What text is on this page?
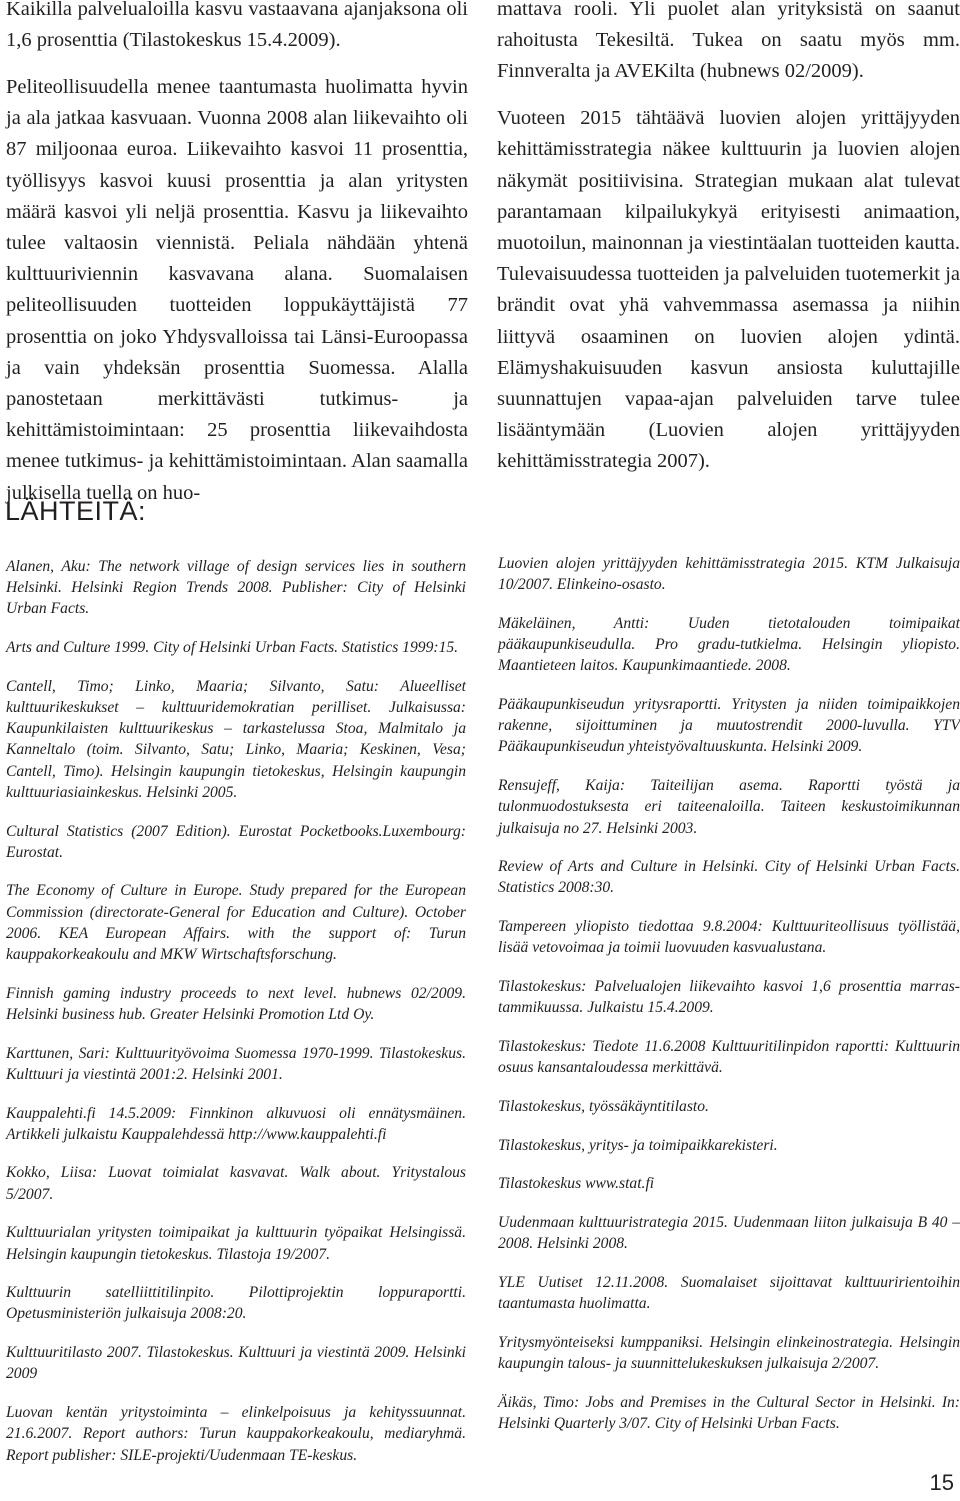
Kaikilla palvelualoilla kasvu vastaavana ajanjaksona oli 1,6 prosenttia (Tilastokeskus 15.4.2009).

Peliteollisuudella menee taantumasta huolimatta hyvin ja ala jatkaa kasvuaan. Vuonna 2008 alan liikevaihto oli 87 miljoonaa euroa. Liikevaihto kasvoi 11 prosenttia, työllisyys kasvoi kuusi prosenttia ja alan yritysten määrä kasvoi yli neljä prosenttia. Kasvu ja liikevaihto tulee valtaosin viennistä. Peliala nähdään yhtenä kulttuuriviennin kasvavana alana. Suomalaisen peliteollisuuden tuotteiden loppukäyttäjistä 77 prosenttia on joko Yhdysvalloissa tai Länsi-Euroopassa ja vain yhdeksän prosenttia Suomessa. Alalla panostetaan merkittävästi tutkimus- ja kehittämistoimintaan: 25 prosenttia liikevaihdosta menee tutkimus- ja kehittämistoimintaan. Alan saamalla julkisella tuella on huo-

mattava rooli. Yli puolet alan yrityksistä on saanut rahoitusta Tekesiltä. Tukea on saatu myös mm. Finnveralta ja AVEKilta (hubnews 02/2009).

Vuoteen 2015 tähtäävä luovien alojen yrittäjyyden kehittämisstrategia näkee kulttuurin ja luovien alojen näkymät positiivisina. Strategian mukaan alat tulevat parantamaan kilpailukykyä erityisesti animaation, muotoilun, mainonnan ja viestintäalan tuotteiden kautta. Tulevaisuudessa tuotteiden ja palveluiden tuotemerkit ja brändit ovat yhä vahvemmassa asemassa ja niihin liittyvä osaaminen on luovien alojen ydintä. Elämyshakuisuuden kasvun ansiosta kuluttajille suunnattujen vapaa-ajan palveluiden tarve tulee lisääntymään (Luovien alojen yrittäjyyden kehittämisstrategia 2007).

LÄHTEITÄ:

Alanen, Aku: The network village of design services lies in southern Helsinki. Helsinki Region Trends 2008. Publisher: City of Helsinki Urban Facts.

Arts and Culture 1999. City of Helsinki Urban Facts. Statistics 1999:15.

Cantell, Timo; Linko, Maaria; Silvanto, Satu: Alueelliset kulttuurikeskukset – kulttuuridemokratian perilliset. Julkaisussa: Kaupunkilaisten kulttuurikeskus – tarkastelussa Stoa, Malmitalo ja Kanneltalo (toim. Silvanto, Satu; Linko, Maaria; Keskinen, Vesa; Cantell, Timo). Helsingin kaupungin tietokeskus, Helsingin kaupungin kulttuuriasiainkeskus. Helsinki 2005.

Cultural Statistics (2007 Edition). Eurostat Pocketbooks.Luxembourg: Eurostat.

The Economy of Culture in Europe. Study prepared for the European Commission (directorate-General for Education and Culture). October 2006. KEA European Affairs. with the support of: Turun kauppakorkeakoulu and MKW Wirtschaftsforschung.

Finnish gaming industry proceeds to next level. hubnews 02/2009. Helsinki business hub. Greater Helsinki Promotion Ltd Oy.

Karttunen, Sari: Kulttuurityövoima Suomessa 1970-1999. Tilastokeskus. Kulttuuri ja viestintä 2001:2. Helsinki 2001.

Kauppalehti.fi 14.5.2009: Finnkinon alkuvuosi oli ennätysmäinen. Artikkeli julkaistu Kauppalehdessä http://www.kauppalehti.fi

Kokko, Liisa: Luovat toimialat kasvavat. Walk about. Yritystalous 5/2007.

Kulttuurialan yritysten toimipaikat ja kulttuurin työpaikat Helsingissä. Helsingin kaupungin tietokeskus. Tilastoja 19/2007.

Kulttuurin satelliittitilinpito. Pilottiprojektin loppuraportti. Opetusministeriön julkaisuja 2008:20.

Kulttuuritilasto 2007. Tilastokeskus. Kulttuuri ja viestintä 2009. Helsinki 2009

Luovan kentän yritystoiminta – elinkelpoisuus ja kehityssuunnat. 21.6.2007. Report authors: Turun kauppakorkeakoulu, mediaryhmä. Report publisher: SILE-projekti/Uudenmaan TE-keskus.

Luovien alojen yrittäjyyden kehittämisstrategia 2015. KTM Julkaisuja 10/2007. Elinkeino-osasto.

Mäkeläinen, Antti: Uuden tietotalouden toimipaikat pääkaupunkiseudulla. Pro gradu-tutkielma. Helsingin yliopisto. Maantieteen laitos. Kaupunkimaantiede. 2008.

Pääkaupunkiseudun yritysraportti. Yritysten ja niiden toimipaikkojen rakenne, sijoittuminen ja muutostrendit 2000-luvulla. YTV Pääkaupunkiseudun yhteistyövaltuuskunta. Helsinki 2009.

Rensujeff, Kaija: Taiteilijan asema. Raportti työstä ja tulonmuodostuksesta eri taiteenaloilla. Taiteen keskustoimikunnan julkaisuja no 27. Helsinki 2003.

Review of Arts and Culture in Helsinki. City of Helsinki Urban Facts. Statistics 2008:30.

Tampereen yliopisto tiedottaa 9.8.2004: Kulttuuriteollisuus työllistää, lisää vetovoimaa ja toimii luovuuden kasvualustana.

Tilastokeskus: Palvelualojen liikevaihto kasvoi 1,6 prosenttia marras-tammikuussa. Julkaistu 15.4.2009.

Tilastokeskus: Tiedote 11.6.2008 Kulttuuritilinpidon raportti: Kulttuurin osuus kansantaloudessa merkittävä.

Tilastokeskus, työssäkäyntitilasto.

Tilastokeskus, yritys- ja toimipaikkarekisteri.

Tilastokeskus www.stat.fi

Uudenmaan kulttuuristrategia 2015. Uudenmaan liiton julkaisuja B 40 – 2008. Helsinki 2008.

YLE Uutiset 12.11.2008. Suomalaiset sijoittavat kulttuuririentoihin taantumasta huolimatta.

Yritysmyönteiseksi kumppaniksi. Helsingin elinkeinostrategia. Helsingin kaupungin talous- ja suunnittelukeskuksen julkaisuja 2/2007.

Äikäs, Timo: Jobs and Premises in the Cultural Sector in Helsinki. In: Helsinki Quarterly 3/07. City of Helsinki Urban Facts.

15
